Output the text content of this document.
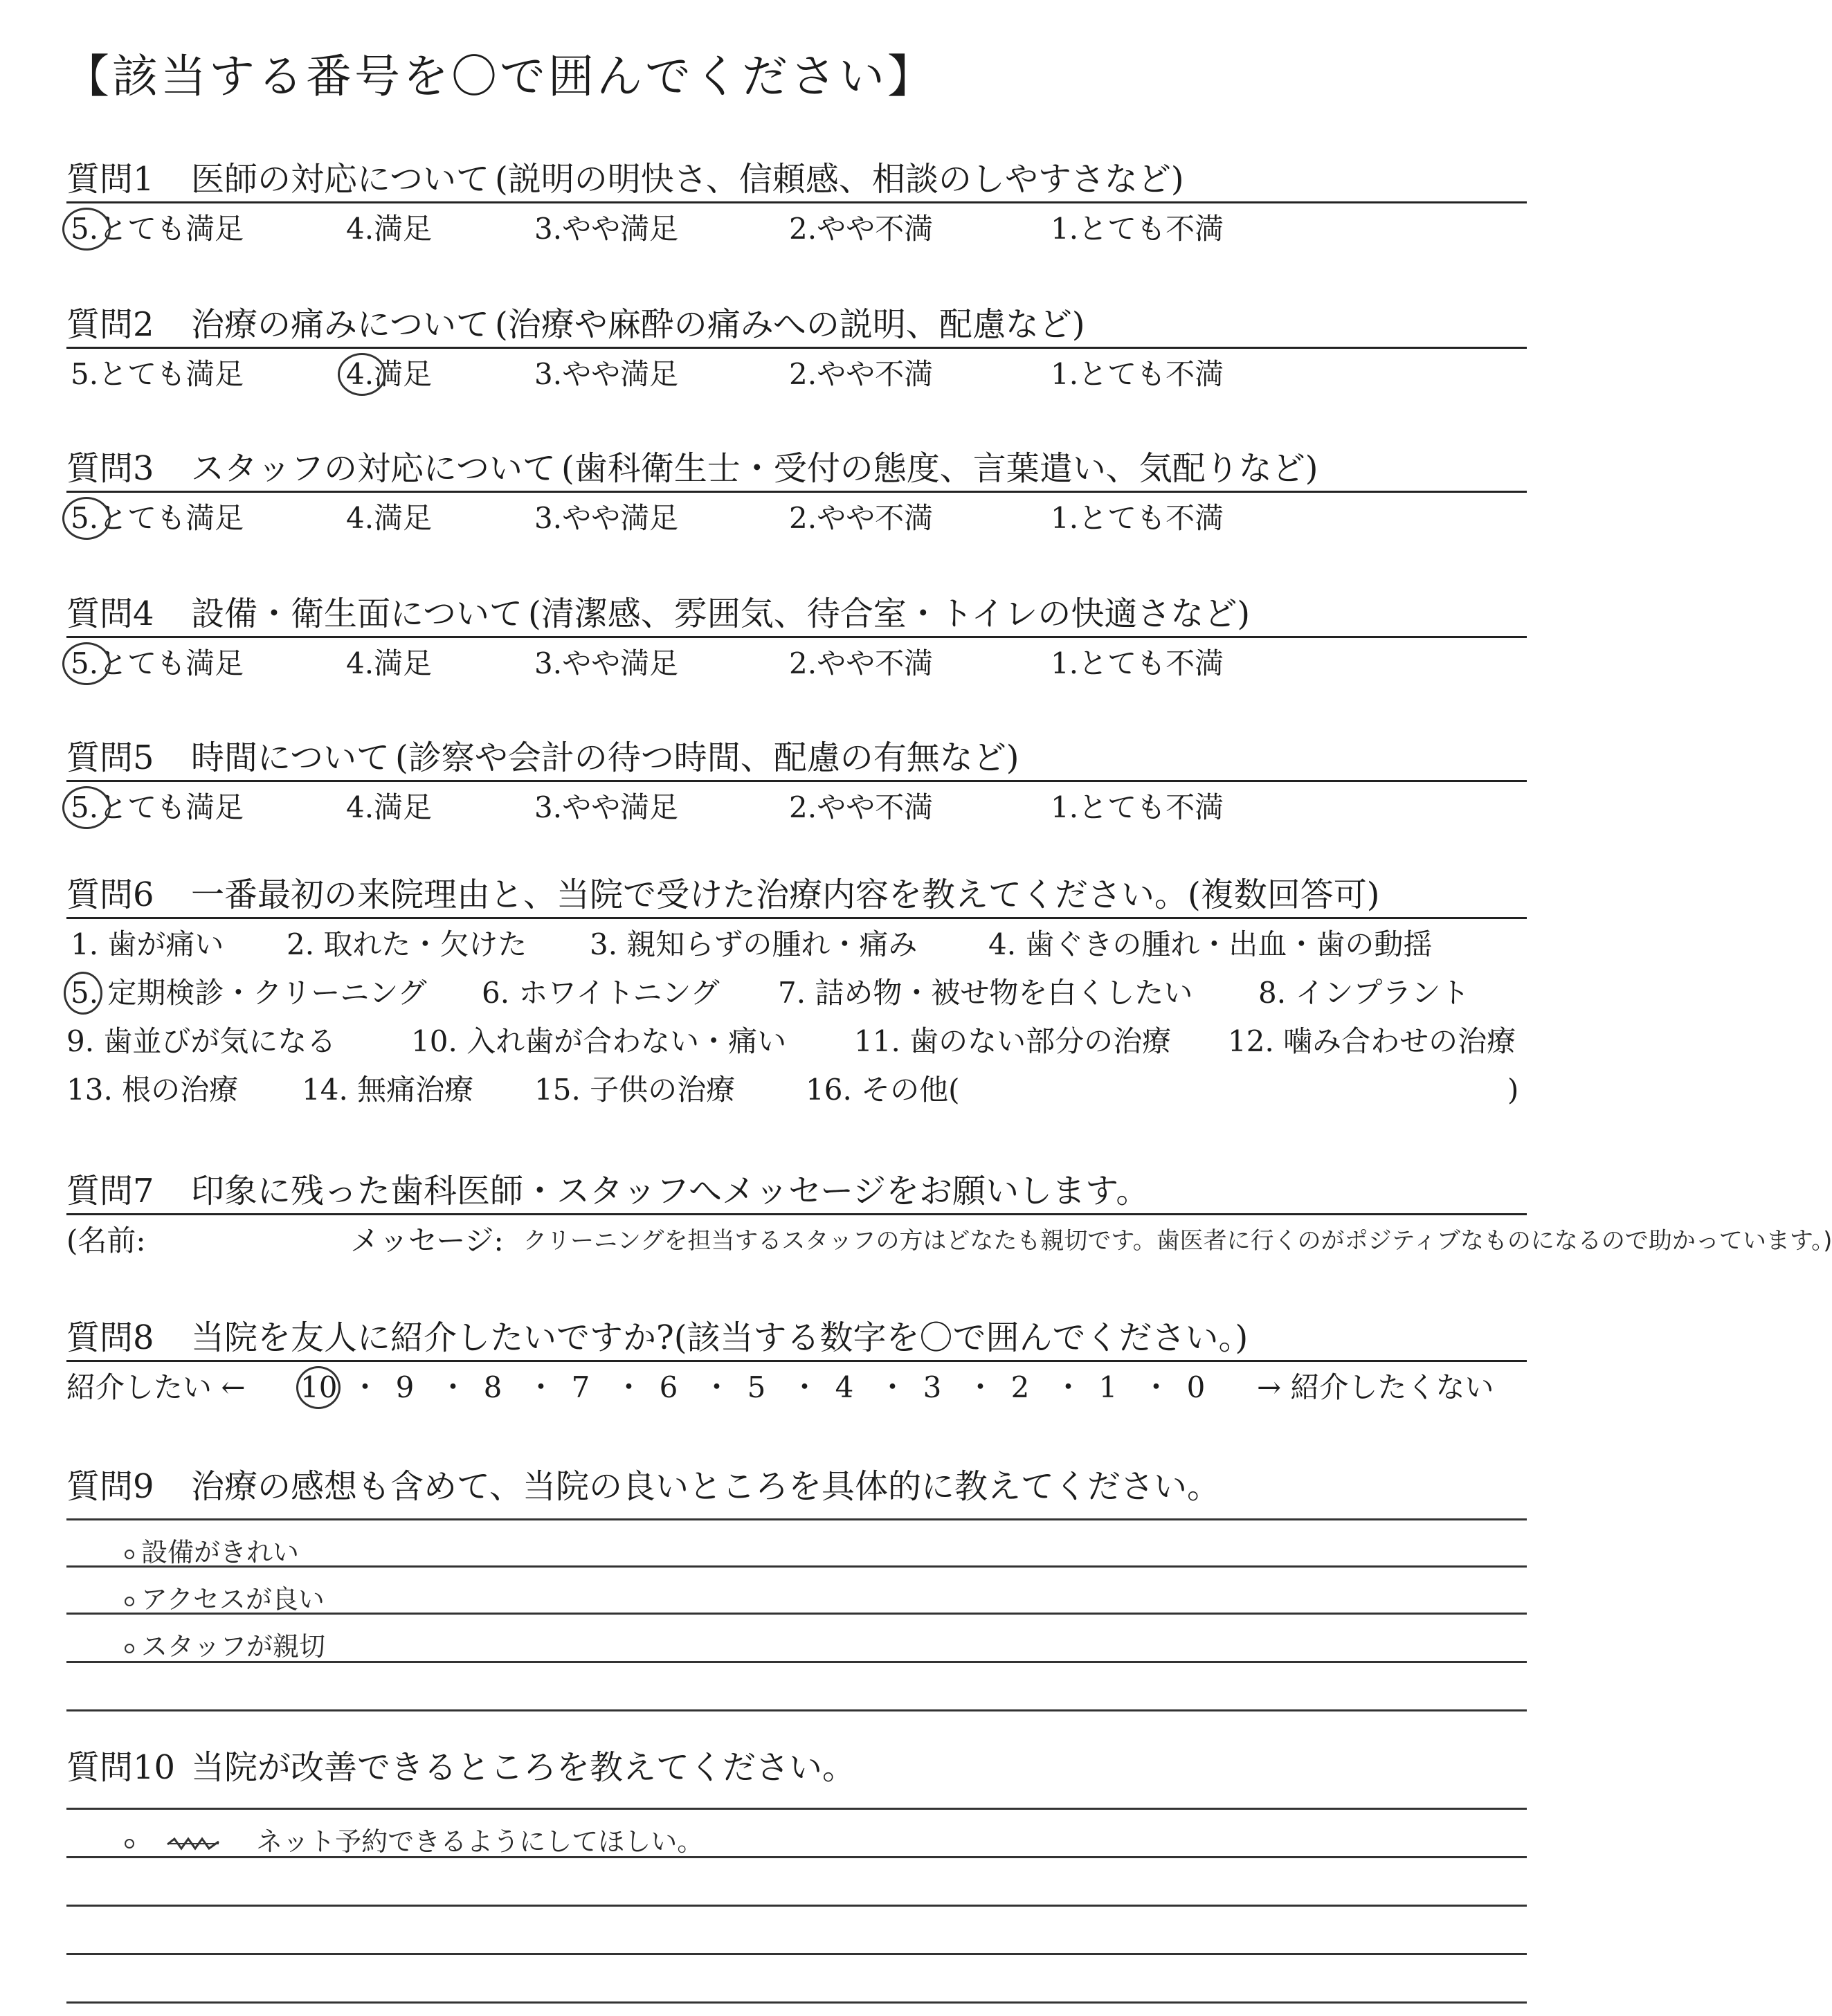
【該当する番号を〇で囲んでください】
質問1	医師の対応について (説明の明快さ、信頼感、相談のしやすさなど)
5.
とても満足	4.満足	3.やや満足	2.やや不満	1.とても不満
質問2	治療の痛みについて (治療や麻酔の痛みへの説明、配慮など)
5.とても満足	4.
満足	3.やや満足	2.やや不満	1.とても不満
質問3	スタッフの対応について (歯科衛生士・受付の態度、言葉遣い、気配りなど)
5.
とても満足	4.満足	3.やや満足	2.やや不満	1.とても不満
質問4	設備・衛生面について (清潔感、雰囲気、待合室・トイレの快適さなど)
5.
とても満足	4.満足	3.やや満足	2.やや不満	1.とても不満
質問5	時間について (診察や会計の待つ時間、配慮の有無など)
5.
とても満足	4.満足	3.やや満足	2.やや不満	1.とても不満
質問6	一番最初の来院理由と、当院で受けた治療内容を教えてください。(複数回答可)
1. 歯が痛い 2. 取れた・欠けた 3. 親知らずの腫れ・痛み 4. 歯ぐきの腫れ・出血・歯の動揺
5. 定期検診・クリーニング 6. ホワイトニング 7. 詰め物・被せ物を白くしたい 8. インプラント
9. 歯並びが気になる	10. 入れ歯が合わない・痛い 11. 歯のない部分の治療 12. 噛み合わせの治療
13. 根の治療 14. 無痛治療 15. 子供の治療 16. その他(	)
質問7	印象に残った歯科医師・スタッフへメッセージをお願いします。
(名前:	メッセージ: クリーニングを担当するスタッフの方はどなたも親切です。歯医者に行くのがポジティブなものになるので助かっています。)
質問8	当院を友人に紹介したいですか?(該当する数字を〇で囲んでください。)
紹介したい ←	→ 紹介したくない
10 ・ 9 ・ 8 ・ 7 ・ 6 ・ 5 ・ 4 ・ 3 ・ 2 ・ 1 ・ 0
質問9	治療の感想も含めて、当院の良いところを具体的に教えてください。
設備がきれい
アクセスが良い
スタッフが親切
質問10 当院が改善できるところを教えてください。
ネット予約できるようにしてほしい。
